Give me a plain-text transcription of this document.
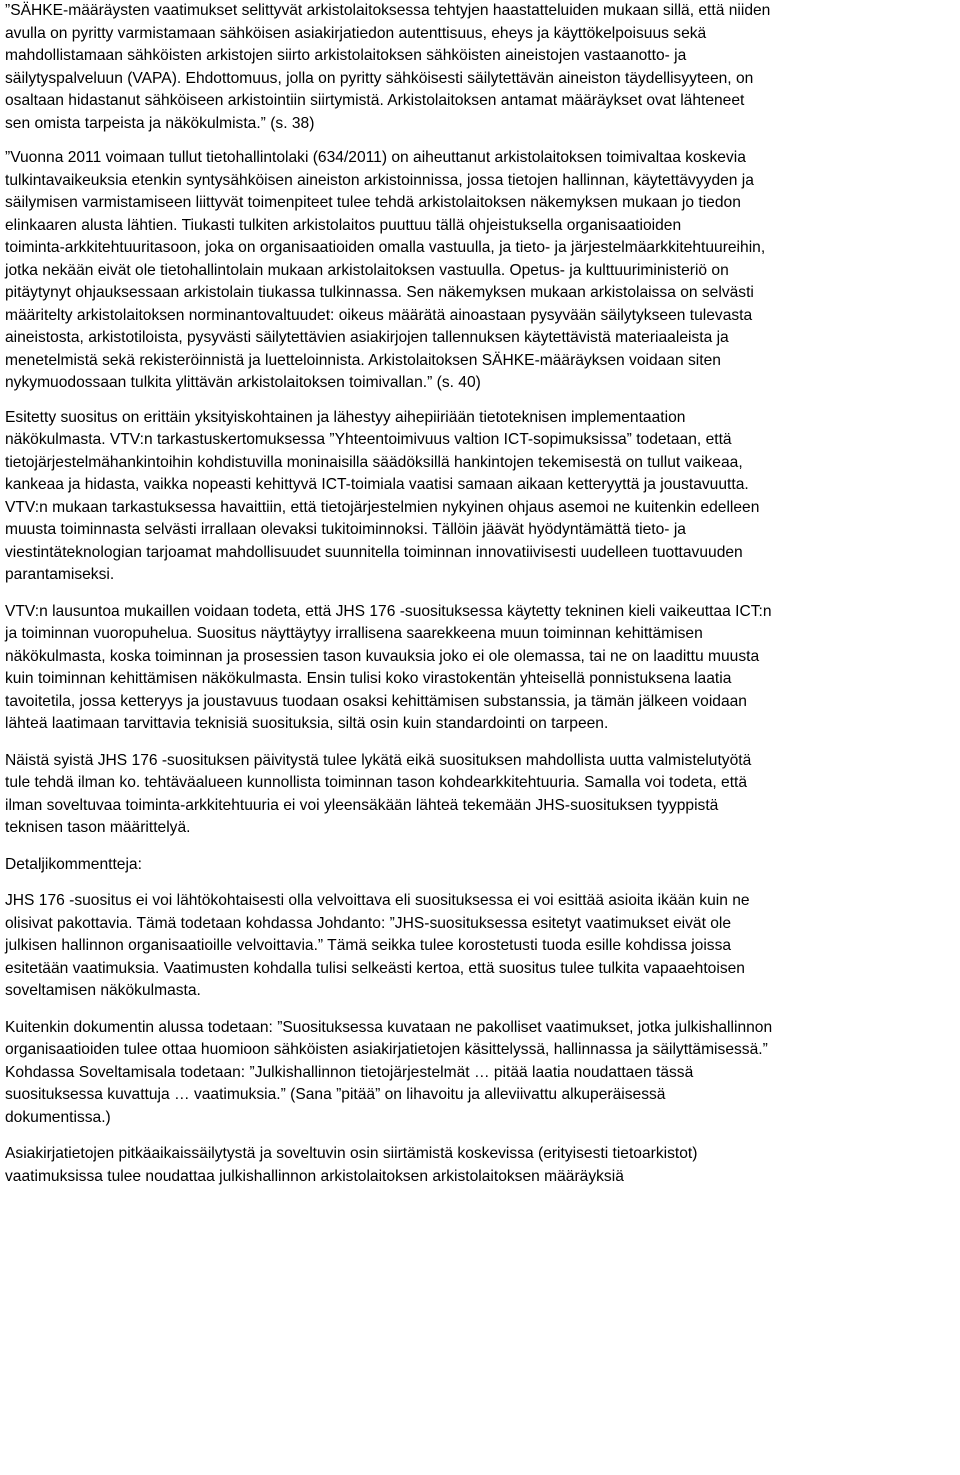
”SÄHKE-määräysten vaatimukset selittyvät arkistolaitoksessa tehtyjen haastatteluiden mukaan sillä, että niiden
avulla on pyritty varmistamaan sähköisen asiakirjatiedon autenttisuus, eheys ja käyttökelpoisuus sekä
mahdollistamaan sähköisten arkistojen siirto arkistolaitoksen sähköisten aineistojen vastaanotto- ja
säilytyspalveluun (VAPA). Ehdottomuus, jolla on pyritty sähköisesti säilytettävän aineiston täydellisyyteen, on
osaltaan hidastanut sähköiseen arkistointiin siirtymistä. Arkistolaitoksen antamat määräykset ovat lähteneet
sen omista tarpeista ja näkökulmista.” (s. 38)
”Vuonna 2011 voimaan tullut tietohallintolaki (634/2011) on aiheuttanut arkistolaitoksen toimivaltaa koskevia
tulkintavaikeuksia etenkin syntysähköisen aineiston arkistoinnissa, jossa tietojen hallinnan, käytettävyyden ja
säilymisen varmistamiseen liittyvät toimenpiteet tulee tehdä arkistolaitoksen näkemyksen mukaan jo tiedon
elinkaaren alusta lähtien. Tiukasti tulkiten arkistolaitos puuttuu tällä ohjeistuksella organisaatioiden
toiminta-arkkitehtuuritasoon, joka on organisaatioiden omalla vastuulla, ja tieto- ja järjestelmäarkkitehtuureihin,
jotka nekään eivät ole tietohallintolain mukaan arkistolaitoksen vastuulla. Opetus- ja kulttuuriministeriö on
pitäytynyt ohjauksessaan arkistolain tiukassa tulkinnassa. Sen näkemyksen mukaan arkistolaissa on selvästi
määritelty arkistolaitoksen norminantovaltuudet: oikeus määrätä ainoastaan pysyvään säilytykseen tulevasta
aineistosta, arkistotiloista, pysyvästi säilytettävien asiakirjojen tallennuksen käytettävistä materiaaleista ja
menetelmistä sekä rekisteröinnistä ja luetteloinnista. Arkistolaitoksen SÄHKE-määräyksen voidaan siten
nykymuodossaan tulkita ylittävän arkistolaitoksen toimivallan.” (s. 40)
Esitetty suositus on erittäin yksityiskohtainen ja lähestyy aihepiiriään tietoteknisen implementaation
näkökulmasta. VTV:n tarkastuskertomuksessa ”Yhteentoimivuus valtion ICT-sopimuksissa” todetaan, että
tietojärjestelmähankintoihin kohdistuvilla moninaisilla säädöksillä hankintojen tekemisestä on tullut vaikeaa,
kankeaa ja hidasta, vaikka nopeasti kehittyvä ICT-toimiala vaatisi samaan aikaan ketteryyttä ja joustavuutta.
VTV:n mukaan tarkastuksessa havaittiin, että tietojärjestelmien nykyinen ohjaus asemoi ne kuitenkin edelleen
muusta toiminnasta selvästi irrallaan olevaksi tukitoiminnoksi. Tällöin jäävät hyödyntämättä tieto- ja
viestintäteknologian tarjoamat mahdollisuudet suunnitella toiminnan innovatiivisesti uudelleen tuottavuuden
parantamiseksi.
VTV:n lausuntoa mukaillen voidaan todeta, että JHS 176 -suosituksessa käytetty tekninen kieli vaikeuttaa ICT:n
ja toiminnan vuoropuhelua. Suositus näyttäytyy irrallisena saarekkeena muun toiminnan kehittämisen
näkökulmasta, koska toiminnan ja prosessien tason kuvauksia joko ei ole olemassa, tai ne on laadittu muusta
kuin toiminnan kehittämisen näkökulmasta. Ensin tulisi koko virastokentän yhteisellä ponnistuksena laatia
tavoitetila, jossa ketteryys ja joustavuus tuodaan osaksi kehittämisen substanssia, ja tämän jälkeen voidaan
lähteä laatimaan tarvittavia teknisiä suosituksia, siltä osin kuin standardointi on tarpeen.
Näistä syistä JHS 176 -suosituksen päivitystä tulee lykätä eikä suosituksen mahdollista uutta valmistelutyötä
tule tehdä ilman ko. tehtäväalueen kunnollista toiminnan tason kohdearkkitehtuuria. Samalla voi todeta, että
ilman soveltuvaa toiminta-arkkitehtuuria ei voi yleensäkään lähteä tekemään JHS-suosituksen tyyppistä
teknisen tason määrittelyä.
Detaljikommentteja:
JHS 176 -suositus ei voi lähtökohtaisesti olla velvoittava eli suosituksessa ei voi esittää asioita ikään kuin ne
olisivat pakottavia. Tämä todetaan kohdassa Johdanto: ”JHS-suosituksessa esitetyt vaatimukset eivät ole
julkisen hallinnon organisaatioille velvoittavia.” Tämä seikka tulee korostetusti tuoda esille kohdissa joissa
esitetään vaatimuksia. Vaatimusten kohdalla tulisi selkeästi kertoa, että suositus tulee tulkita vapaaehtoisen
soveltamisen näkökulmasta.
Kuitenkin dokumentin alussa todetaan: ”Suosituksessa kuvataan ne pakolliset vaatimukset, jotka julkishallinnon
organisaatioiden tulee ottaa huomioon sähköisten asiakirjatietojen käsittelyssä, hallinnassa ja säilyttämisessä.”
Kohdassa Soveltamisala todetaan: ”Julkishallinnon tietojärjestelmät … pitää laatia noudattaen tässä
suosituksessa kuvattuja … vaatimuksia.” (Sana ”pitää” on lihavoitu ja alleviivattu alkuperäisessä
dokumentissa.)
Asiakirjatietojen pitkäaikaissäilytystä ja soveltuvin osin siirtämistä koskevissa (erityisesti tietoarkistot)
vaatimuksissa tulee noudattaa julkishallinnon arkistolaitoksen arkistolaitoksen määräyksiä
